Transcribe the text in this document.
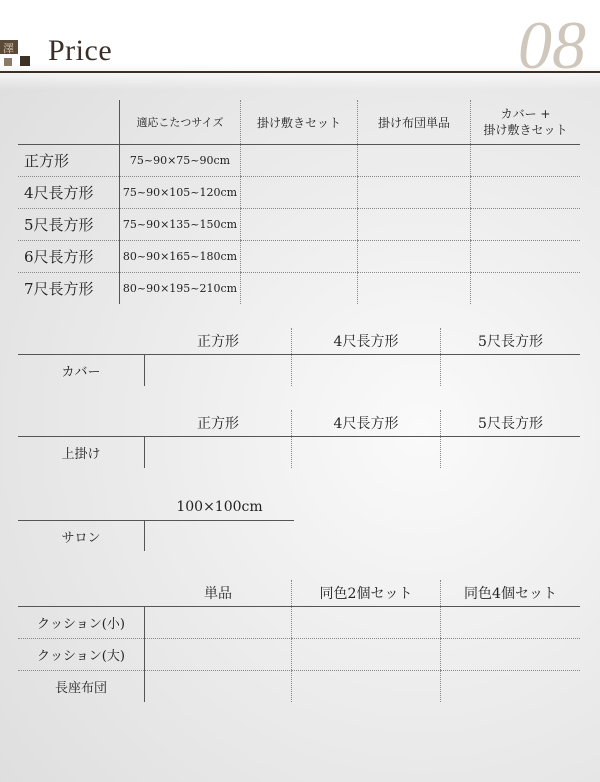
澤 Price	08
	適応こたつサイズ	掛け敷きセット	掛け布団単品	カバー +
掛け敷きセット

正方形	75~90×75~90cm			
4尺長方形	75~90×105~120cm			
5尺長方形	75~90×135~150cm			
6尺長方形	80~90×165~180cm			
7尺長方形	80~90×195~210cm			
	正方形	4尺長方形	5尺長方形
カバー			
	正方形	4尺長方形	5尺長方形
上掛け			
	100×100cm
サロン	
	単品	同色2個セット	同色4個セット
クッション(小)			
クッション(大)			
長座布団			
